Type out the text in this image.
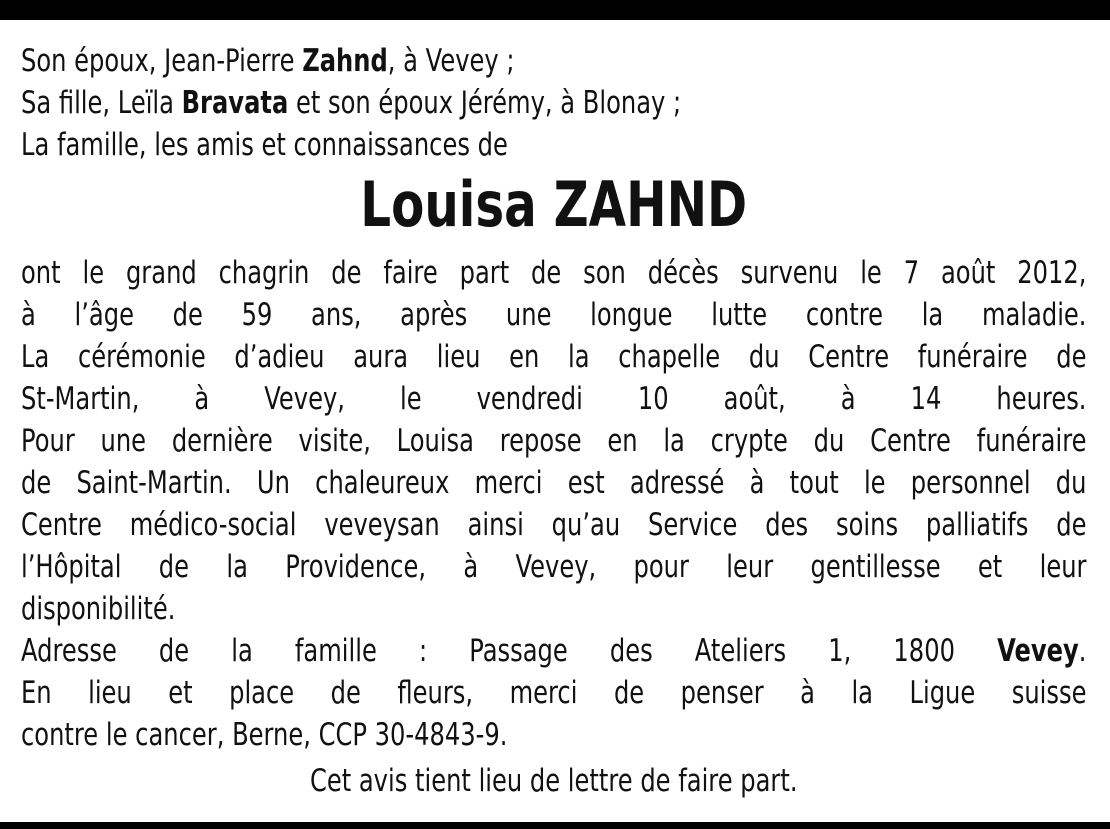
Son époux, Jean-Pierre Zahnd, à Vevey ;
Sa fille, Leïla Bravata et son époux Jérémy, à Blonay ;
La famille, les amis et connaissances de
Louisa ZAHND
ont le grand chagrin de faire part de son décès survenu le 7 août 2012,
à l’âge de 59 ans, après une longue lutte contre la maladie.
La cérémonie d’adieu aura lieu en la chapelle du Centre funéraire de
St-Martin, à Vevey, le vendredi 10 août, à 14 heures.
Pour une dernière visite, Louisa repose en la crypte du Centre funéraire
de Saint-Martin. Un chaleureux merci est adressé à tout le personnel du
Centre médico-social veveysan ainsi qu’au Service des soins palliatifs de
l’Hôpital de la Providence, à Vevey, pour leur gentillesse et leur
disponibilité.
Adresse de la famille : Passage des Ateliers 1, 1800 Vevey.
En lieu et place de fleurs, merci de penser à la Ligue suisse
contre le cancer, Berne, CCP 30-4843-9.
Cet avis tient lieu de lettre de faire part.
